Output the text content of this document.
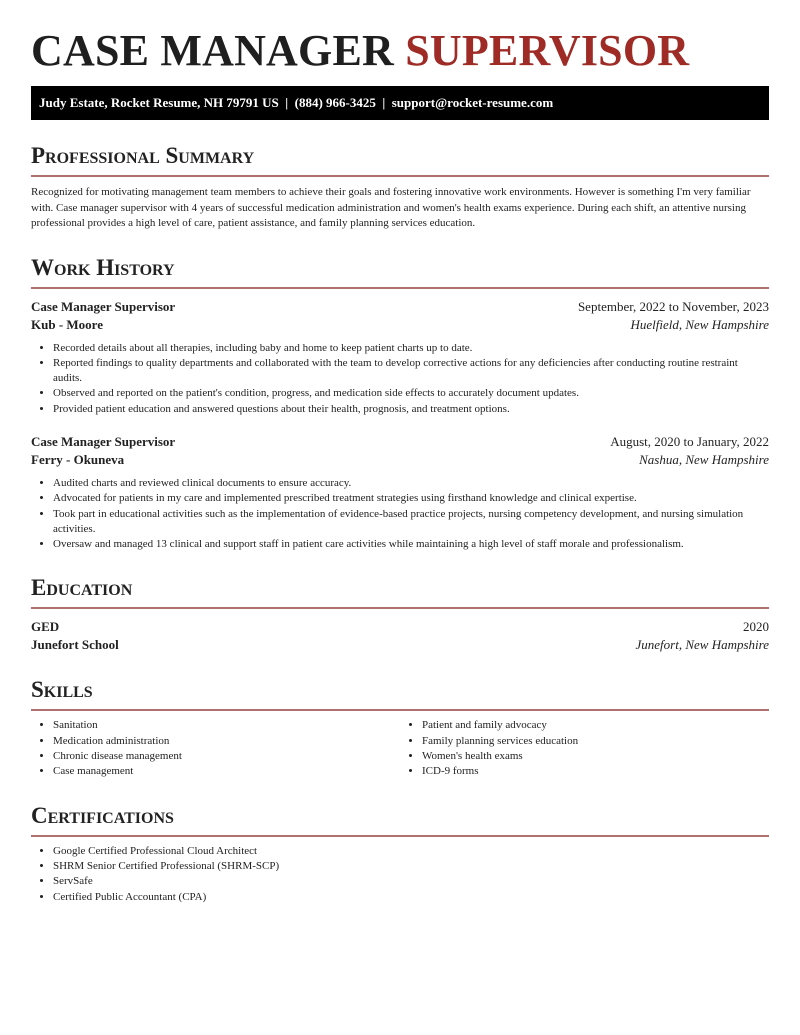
CASE MANAGER SUPERVISOR
Judy Estate, Rocket Resume, NH 79791 US  |  (884) 966-3425  |  support@rocket-resume.com
Professional Summary

Recognized for motivating management team members to achieve their goals and fostering innovative work environments. However is something I'm very familiar with. Case manager supervisor with 4 years of successful medication administration and women's health exams experience. During each shift, an attentive nursing professional provides a high level of care, patient assistance, and family planning services education.

Work History
Case Manager Supervisor	September, 2022 to November, 2023
Kub - Moore	Huelfield, New Hampshire
• Recorded details about all therapies, including baby and home to keep patient charts up to date.
• Reported findings to quality departments and collaborated with the team to develop corrective actions for any deficiencies after conducting routine restraint audits.
• Observed and reported on the patient's condition, progress, and medication side effects to accurately document updates.
• Provided patient education and answered questions about their health, prognosis, and treatment options.
Case Manager Supervisor	August, 2020 to January, 2022
Ferry - Okuneva	Nashua, New Hampshire
• Audited charts and reviewed clinical documents to ensure accuracy.
• Advocated for patients in my care and implemented prescribed treatment strategies using firsthand knowledge and clinical expertise.
• Took part in educational activities such as the implementation of evidence-based practice projects, nursing competency development, and nursing simulation activities.
• Oversaw and managed 13 clinical and support staff in patient care activities while maintaining a high level of staff morale and professionalism.
Education
GED	2020
Junefort School	Junefort, New Hampshire
Skills
• Sanitation
• Medication administration
• Chronic disease management
• Case management
• Patient and family advocacy
• Family planning services education
• Women's health exams
• ICD-9 forms
Certifications
• Google Certified Professional Cloud Architect
• SHRM Senior Certified Professional (SHRM-SCP)
• ServSafe
• Certified Public Accountant (CPA)
